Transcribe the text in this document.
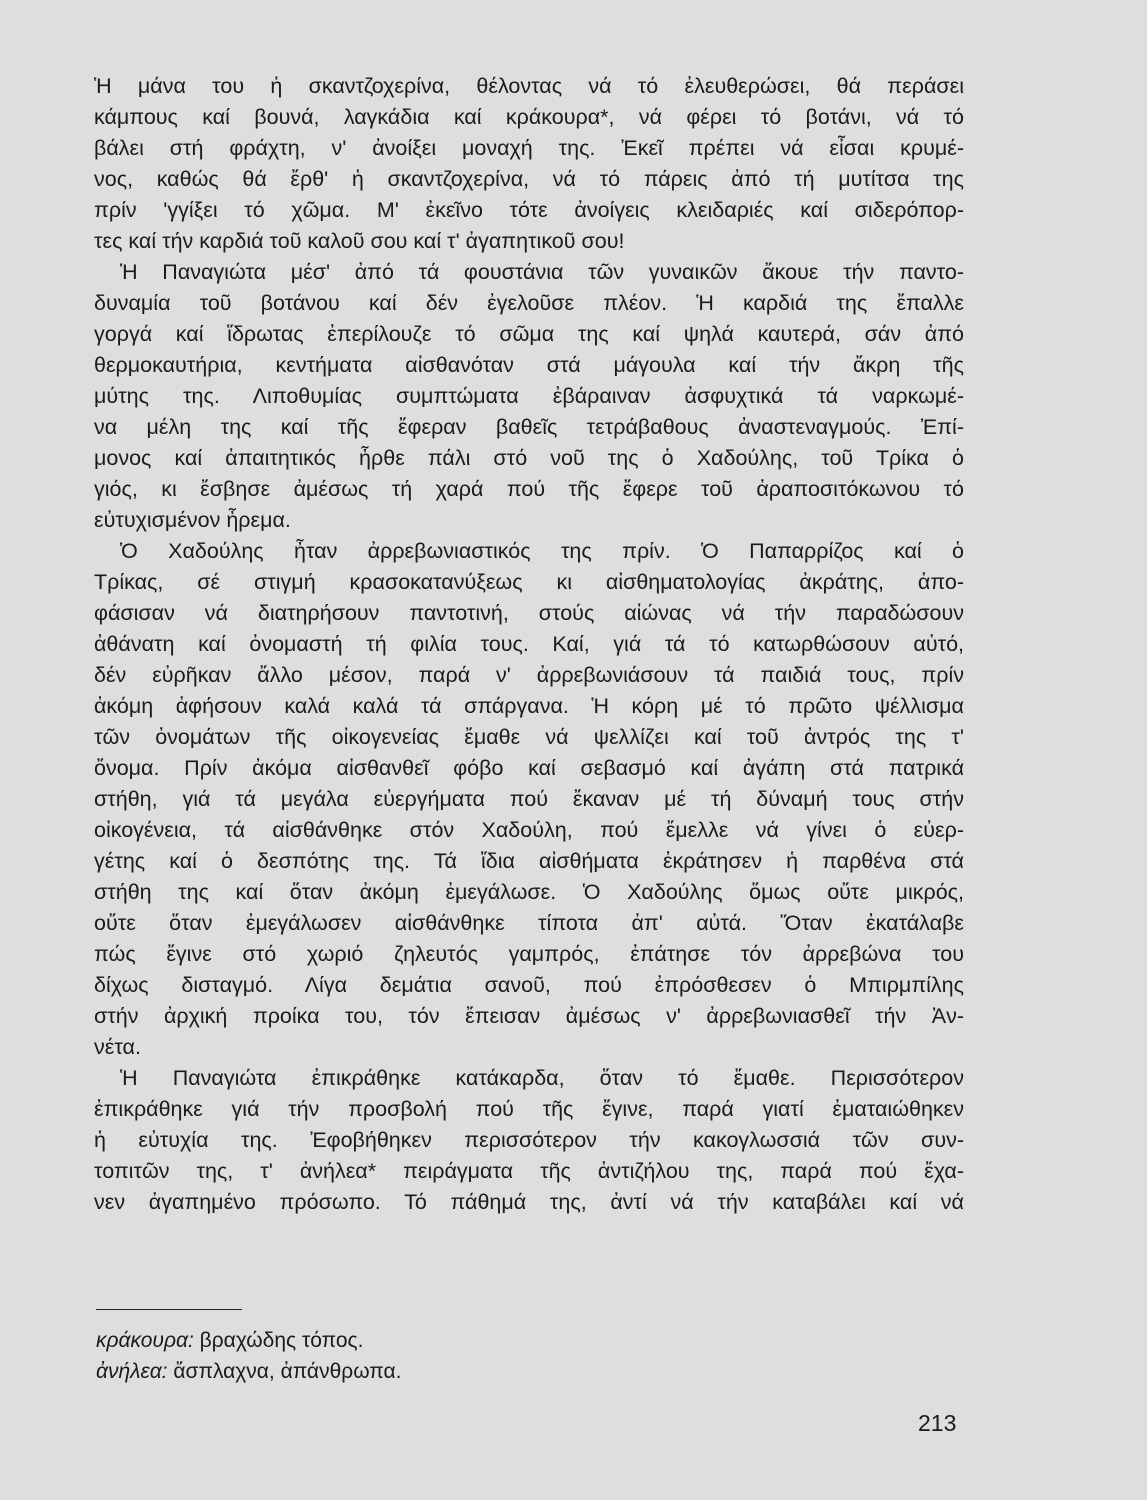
Ἡ μάνα του ἡ σκαντζοχερίνα, θέλοντας νά τό ἐλευθερώσει, θά περάσει
κάμπους καί βουνά, λαγκάδια καί κράκουρα*, νά φέρει τό βοτάνι, νά τό
βάλει στή φράχτη, ν' ἀνοίξει μοναχή της. Ἐκεῖ πρέπει νά εἶσαι κρυμέ-
νος, καθώς θά ἔρθ' ἡ σκαντζοχερίνα, νά τό πάρεις ἀπό τή μυτίτσα της
πρίν 'γγίξει τό χῶμα. Μ' ἐκεῖνο τότε ἀνοίγεις κλειδαριές καί σιδερόπορ-
τες καί τήν καρδιά τοῦ καλοῦ σου καί τ' ἀγαπητικοῦ σου!
Ἡ Παναγιώτα μέσ' ἀπό τά φουστάνια τῶν γυναικῶν ἄκουε τήν παντο-
δυναμία τοῦ βοτάνου καί δέν ἐγελοῦσε πλέον. Ἡ καρδιά της ἔπαλλε
γοργά καί ἵδρωτας ἐπερίλουζε τό σῶμα της καί ψηλά καυτερά, σάν ἀπό
θερμοκαυτήρια, κεντήματα αἰσθανόταν στά μάγουλα καί τήν ἄκρη τῆς
μύτης της. Λιποθυμίας συμπτώματα ἐβάραιναν ἀσφυχτικά τά ναρκωμέ-
να μέλη της καί τῆς ἔφεραν βαθεῖς τετράβαθους ἀναστεναγμούς. Ἐπί-
μονος καί ἀπαιτητικός ἦρθε πάλι στό νοῦ της ὁ Χαδούλης, τοῦ Τρίκα ὁ
γιός, κι ἔσβησε ἀμέσως τή χαρά πού τῆς ἔφερε τοῦ ἀραποσιτόκωνου τό
εὐτυχισμένον ἦρεμα.
Ὁ Χαδούλης ἦταν ἀρρεβωνιαστικός της πρίν. Ὁ Παπαρρίζος καί ὁ
Τρίκας, σέ στιγμή κρασοκατανύξεως κι αἰσθηματολογίας ἀκράτης, ἀπο-
φάσισαν νά διατηρήσουν παντοτινή, στούς αἰώνας νά τήν παραδώσουν
ἀθάνατη καί ὀνομαστή τή φιλία τους. Καί, γιά τά τό κατωρθώσουν αὐτό,
δέν εὐρῆκαν ἄλλο μέσον, παρά ν' ἀρρεβωνιάσουν τά παιδιά τους, πρίν
ἀκόμη ἀφήσουν καλά καλά τά σπάργανα. Ἡ κόρη μέ τό πρῶτο ψέλλισμα
τῶν ὀνομάτων τῆς οἰκογενείας ἔμαθε νά ψελλίζει καί τοῦ ἀντρός της τ'
ὄνομα. Πρίν ἀκόμα αἰσθανθεῖ φόβο καί σεβασμό καί ἀγάπη στά πατρικά
στήθη, γιά τά μεγάλα εὐεργήματα πού ἔκαναν μέ τή δύναμή τους στήν
οἰκογένεια, τά αἰσθάνθηκε στόν Χαδούλη, πού ἔμελλε νά γίνει ὁ εὐερ-
γέτης καί ὁ δεσπότης της. Τά ἴδια αἰσθήματα ἐκράτησεν ἡ παρθένα στά
στήθη της καί ὅταν ἀκόμη ἐμεγάλωσε. Ὁ Χαδούλης ὅμως οὔτε μικρός,
οὔτε ὅταν ἐμεγάλωσεν αἰσθάνθηκε τίποτα ἀπ' αὐτά. Ὅταν ἐκατάλαβε
πώς ἔγινε στό χωριό ζηλευτός γαμπρός, ἐπάτησε τόν ἀρρεβώνα του
δίχως δισταγμό. Λίγα δεμάτια σανοῦ, πού ἐπρόσθεσεν ὁ Μπιρμπίλης
στήν ἀρχική προίκα του, τόν ἔπεισαν ἀμέσως ν' ἀρρεβωνιασθεῖ τήν Ἀν-
νέτα.
Ἡ Παναγιώτα ἐπικράθηκε κατάκαρδα, ὅταν τό ἔμαθε. Περισσότερον
ἐπικράθηκε γιά τήν προσβολή πού τῆς ἔγινε, παρά γιατί ἐματαιώθηκεν
ἡ εὐτυχία της. Ἐφοβήθηκεν περισσότερον τήν κακογλωσσιά τῶν συν-
τοπιτῶν της, τ' ἀνήλεα* πειράγματα τῆς ἀντιζήλου της, παρά πού ἔχα-
νεν ἀγαπημένο πρόσωπο. Τό πάθημά της, ἀντί νά τήν καταβάλει καί νά
κράκουρα: βραχώδης τόπος.
ἀνήλεα: ἄσπλαχνα, ἀπάνθρωπα.
213
